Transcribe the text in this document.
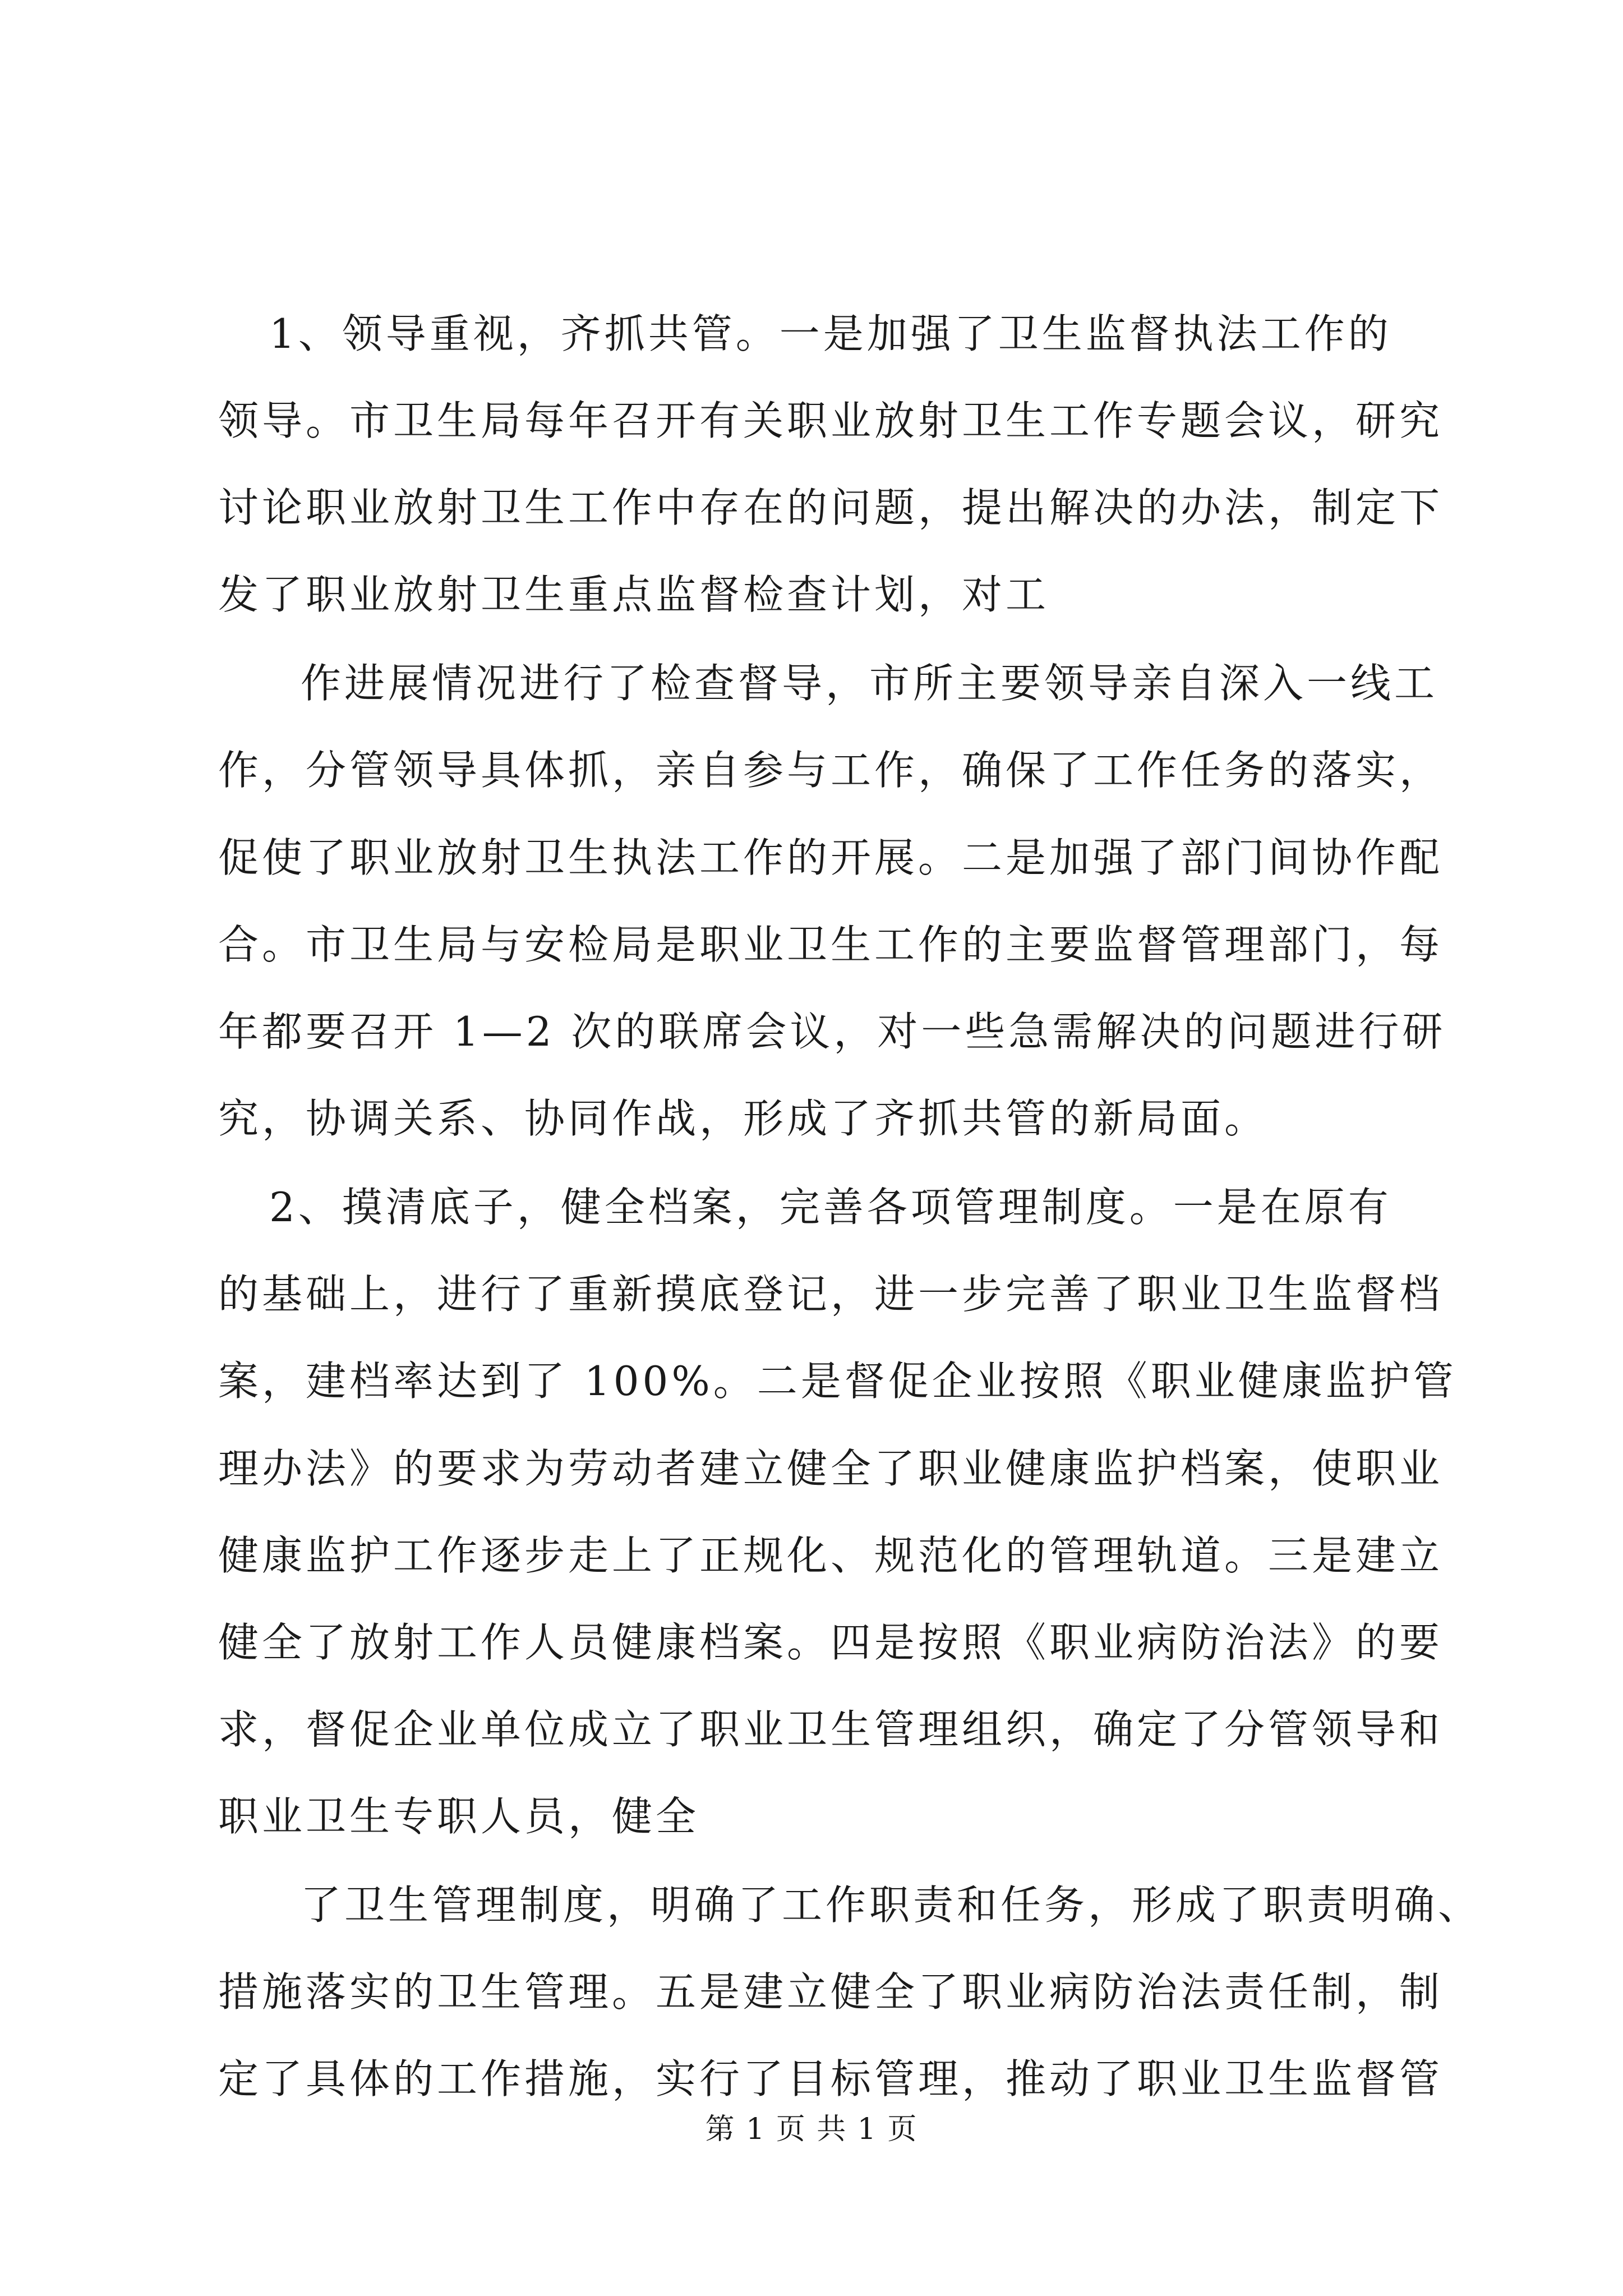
1、领导重视，齐抓共管。一是加强了卫生监督执法工作的
领导。市卫生局每年召开有关职业放射卫生工作专题会议，研究
讨论职业放射卫生工作中存在的问题，提出解决的办法，制定下
发了职业放射卫生重点监督检查计划，对工
作进展情况进行了检查督导，市所主要领导亲自深入一线工
作，分管领导具体抓，亲自参与工作，确保了工作任务的落实，
促使了职业放射卫生执法工作的开展。二是加强了部门间协作配
合。市卫生局与安检局是职业卫生工作的主要监督管理部门，每
年都要召开 1—2 次的联席会议，对一些急需解决的问题进行研
究，协调关系、协同作战，形成了齐抓共管的新局面。
2、摸清底子，健全档案，完善各项管理制度。一是在原有
的基础上，进行了重新摸底登记，进一步完善了职业卫生监督档
案，建档率达到了 100%。二是督促企业按照《职业健康监护管
理办法》的要求为劳动者建立健全了职业健康监护档案，使职业
健康监护工作逐步走上了正规化、规范化的管理轨道。三是建立
健全了放射工作人员健康档案。四是按照《职业病防治法》的要
求，督促企业单位成立了职业卫生管理组织，确定了分管领导和
职业卫生专职人员，健全
了卫生管理制度，明确了工作职责和任务，形成了职责明确、
措施落实的卫生管理。五是建立健全了职业病防治法责任制，制
定了具体的工作措施，实行了目标管理，推动了职业卫生监督管
第 1 页 共 1 页
